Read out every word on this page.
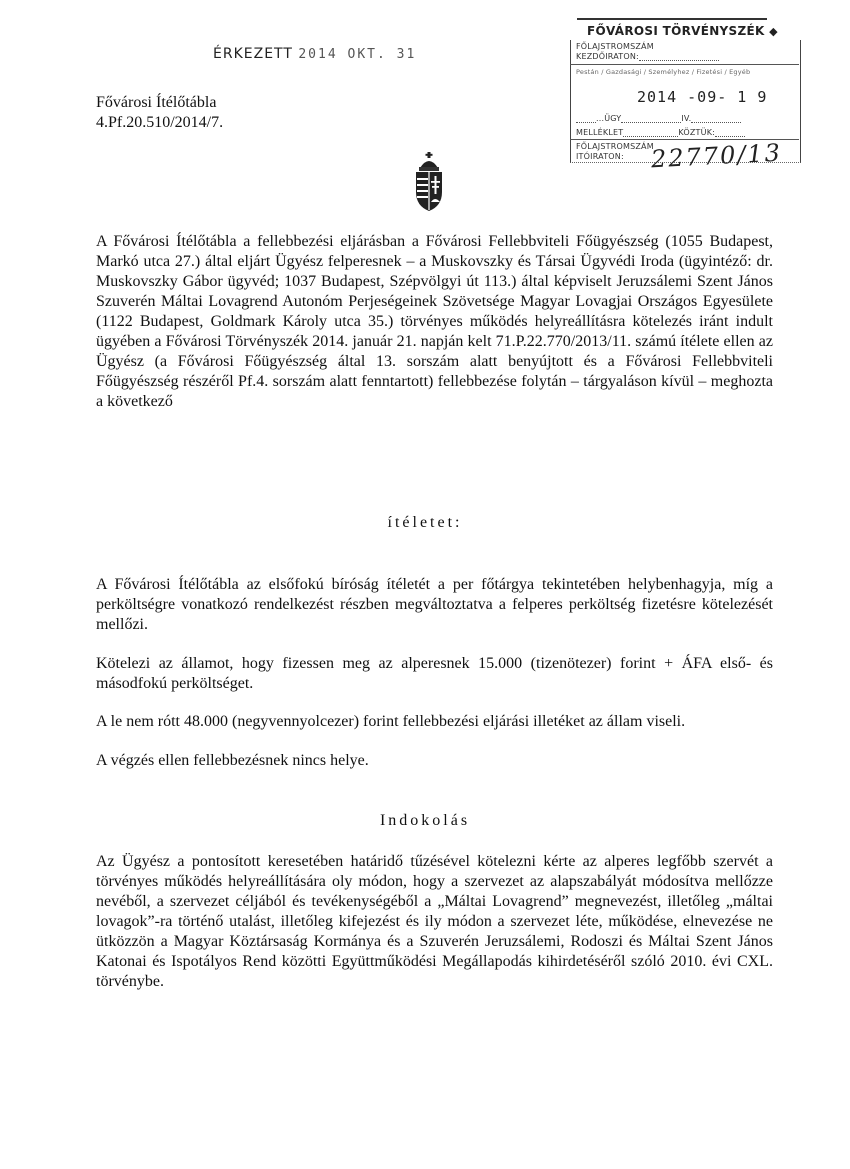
ÉRKEZETT 2014 OKT. 31
Fővárosi Ítélőtábla
4.Pf.20.510/2014/7.
FŐVÁROSI TÖRVÉNYSZÉK ◆
FŐLAJSTROMSZÁM
KEZDŐIRATON:
Pestán / Gazdasági / Személyhez / Fizetési / Egyéb
2014 -09- 1 9
...ÜGY	IV.
MELLÉKLET	KÖZTÜK:
FŐLAJSTROMSZÁM
ITÓIRATON: 22770/13
A Fővárosi Ítélőtábla a fellebbezési eljárásban a Fővárosi Fellebbviteli Főügyészség (1055 Budapest, Markó utca 27.) által eljárt Ügyész felperesnek – a Muskovszky és Társai Ügyvédi Iroda (ügyintéző: dr. Muskovszky Gábor ügyvéd; 1037 Budapest, Szépvölgyi út 113.) által képviselt Jeruzsálemi Szent János Szuverén Máltai Lovagrend Autonóm Perjeségeinek Szövetsége Magyar Lovagjai Országos Egyesülete (1122 Budapest, Goldmark Károly utca 35.) törvényes működés helyreállításra kötelezés iránt indult ügyében a Fővárosi Törvényszék 2014. január 21. napján kelt 71.P.22.770/2013/11. számú ítélete ellen az Ügyész (a Fővárosi Főügyészség által 13. sorszám alatt benyújtott és a Fővárosi Fellebbviteli Főügyészség részéről Pf.4. sorszám alatt fenntartott) fellebbezése folytán – tárgyaláson kívül – meghozta a következő
ítéletet:
A Fővárosi Ítélőtábla az elsőfokú bíróság ítéletét a per főtárgya tekintetében helybenhagyja, míg a perköltségre vonatkozó rendelkezést részben megváltoztatva a felperes perköltség fizetésre kötelezését mellőzi.
Kötelezi az államot, hogy fizessen meg az alperesnek 15.000 (tizenötezer) forint + ÁFA első- és másodfokú perköltséget.
A le nem rótt 48.000 (negyvennyolcezer) forint fellebbezési eljárási illetéket az állam viseli.
A végzés ellen fellebbezésnek nincs helye.
Indokolás
Az Ügyész a pontosított keresetében határidő tűzésével kötelezni kérte az alperes legfőbb szervét a törvényes működés helyreállítására oly módon, hogy a szervezet az alapszabályát módosítva mellőzze nevéből, a szervezet céljából és tevékenységéből a „Máltai Lovagrend” megnevezést, illetőleg „máltai lovagok”-ra történő utalást, illetőleg kifejezést és ily módon a szervezet léte, működése, elnevezése ne ütközzön a Magyar Köztársaság Kormánya és a Szuverén Jeruzsálemi, Rodoszi és Máltai Szent János Katonai és Ispotályos Rend közötti Együttműködési Megállapodás kihirdetéséről szóló 2010. évi CXL. törvénybe.
